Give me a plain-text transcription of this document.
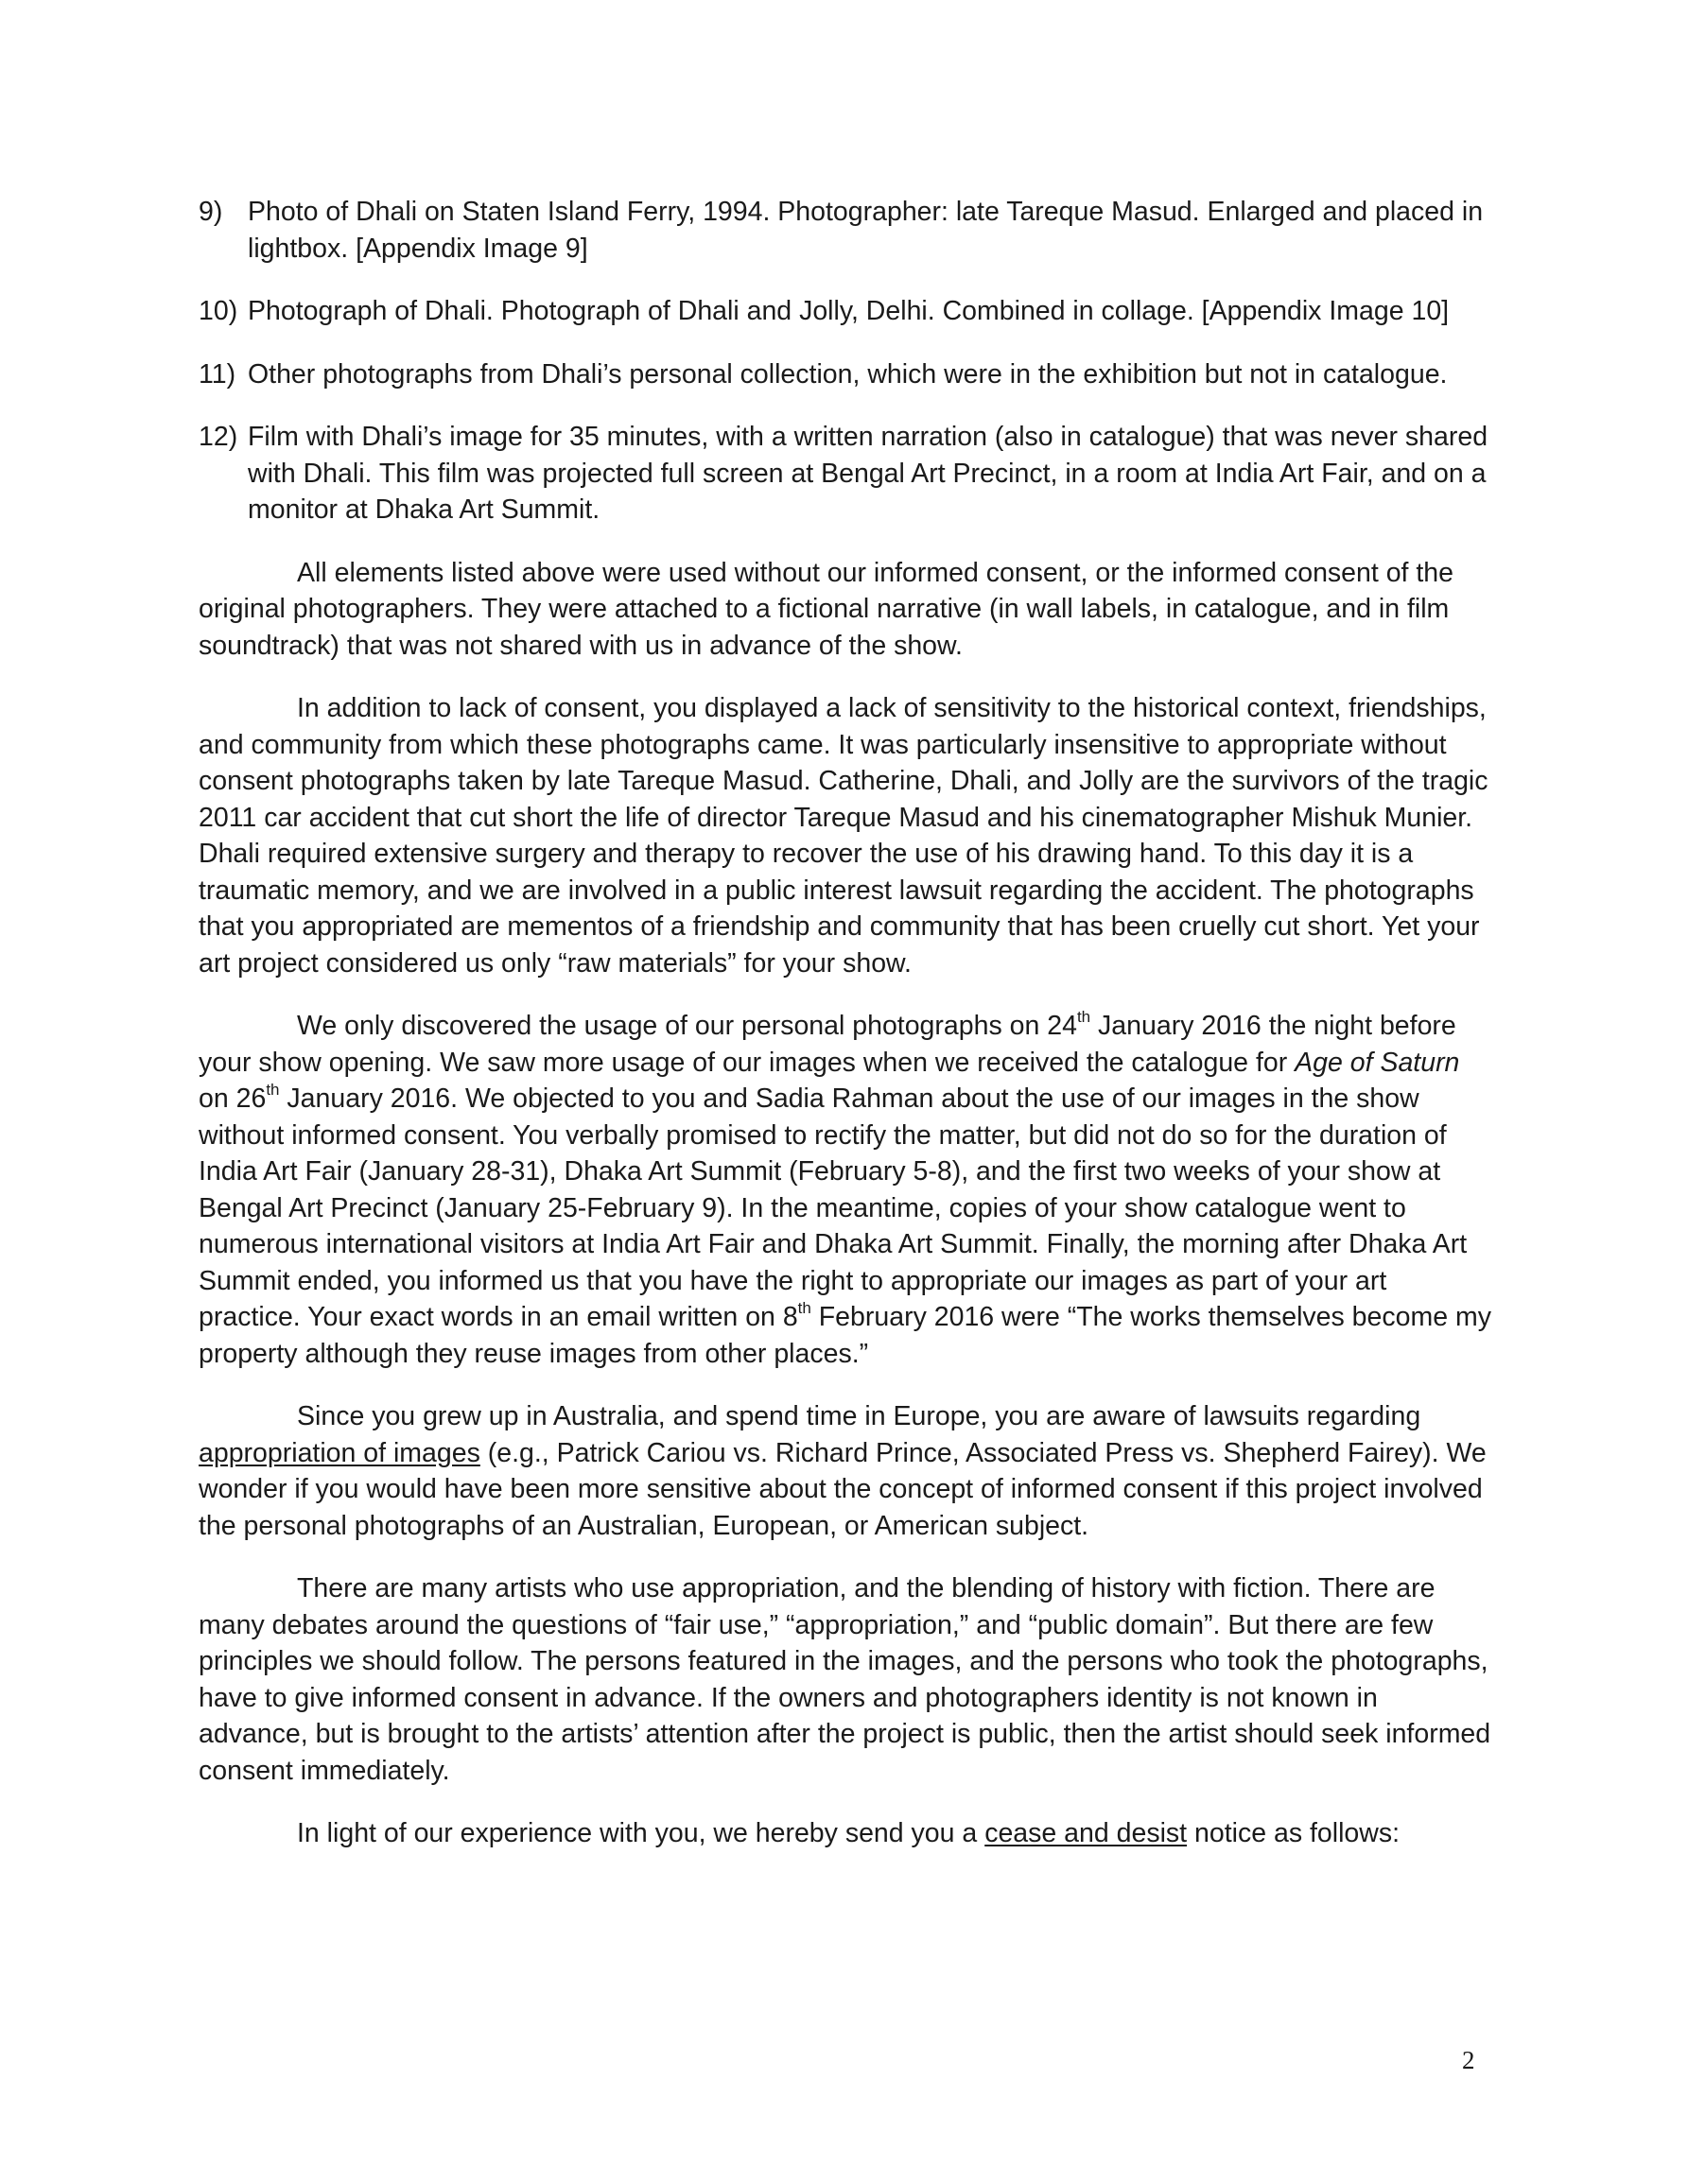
9) Photo of Dhali on Staten Island Ferry, 1994. Photographer: late Tareque Masud. Enlarged and placed in lightbox. [Appendix Image 9]
10) Photograph of Dhali. Photograph of Dhali and Jolly, Delhi. Combined in collage. [Appendix Image 10]
11) Other photographs from Dhali’s personal collection, which were in the exhibition but not in catalogue.
12) Film with Dhali’s image for 35 minutes, with a written narration (also in catalogue) that was never shared with Dhali. This film was projected full screen at Bengal Art Precinct, in a room at India Art Fair, and on a monitor at Dhaka Art Summit.

All elements listed above were used without our informed consent, or the informed consent of the original photographers. They were attached to a fictional narrative (in wall labels, in catalogue, and in film soundtrack) that was not shared with us in advance of the show.

In addition to lack of consent, you displayed a lack of sensitivity to the historical context, friendships, and community from which these photographs came. It was particularly insensitive to appropriate without consent photographs taken by late Tareque Masud. Catherine, Dhali, and Jolly are the survivors of the tragic 2011 car accident that cut short the life of director Tareque Masud and his cinematographer Mishuk Munier. Dhali required extensive surgery and therapy to recover the use of his drawing hand. To this day it is a traumatic memory, and we are involved in a public interest lawsuit regarding the accident. The photographs that you appropriated are mementos of a friendship and community that has been cruelly cut short. Yet your art project considered us only “raw materials” for your show.

We only discovered the usage of our personal photographs on 24th January 2016 the night before your show opening. We saw more usage of our images when we received the catalogue for Age of Saturn on 26th January 2016. We objected to you and Sadia Rahman about the use of our images in the show without informed consent. You verbally promised to rectify the matter, but did not do so for the duration of India Art Fair (January 28-31), Dhaka Art Summit (February 5-8), and the first two weeks of your show at Bengal Art Precinct (January 25-February 9). In the meantime, copies of your show catalogue went to numerous international visitors at India Art Fair and Dhaka Art Summit. Finally, the morning after Dhaka Art Summit ended, you informed us that you have the right to appropriate our images as part of your art practice. Your exact words in an email written on 8th February 2016 were “The works themselves become my property although they reuse images from other places.”

Since you grew up in Australia, and spend time in Europe, you are aware of lawsuits regarding appropriation of images (e.g., Patrick Cariou vs. Richard Prince, Associated Press vs. Shepherd Fairey). We wonder if you would have been more sensitive about the concept of informed consent if this project involved the personal photographs of an Australian, European, or American subject.

There are many artists who use appropriation, and the blending of history with fiction. There are many debates around the questions of “fair use,” “appropriation,” and “public domain”. But there are few principles we should follow. The persons featured in the images, and the persons who took the photographs, have to give informed consent in advance. If the owners and photographers identity is not known in advance, but is brought to the artists’ attention after the project is public, then the artist should seek informed consent immediately.

In light of our experience with you, we hereby send you a cease and desist notice as follows:

2
